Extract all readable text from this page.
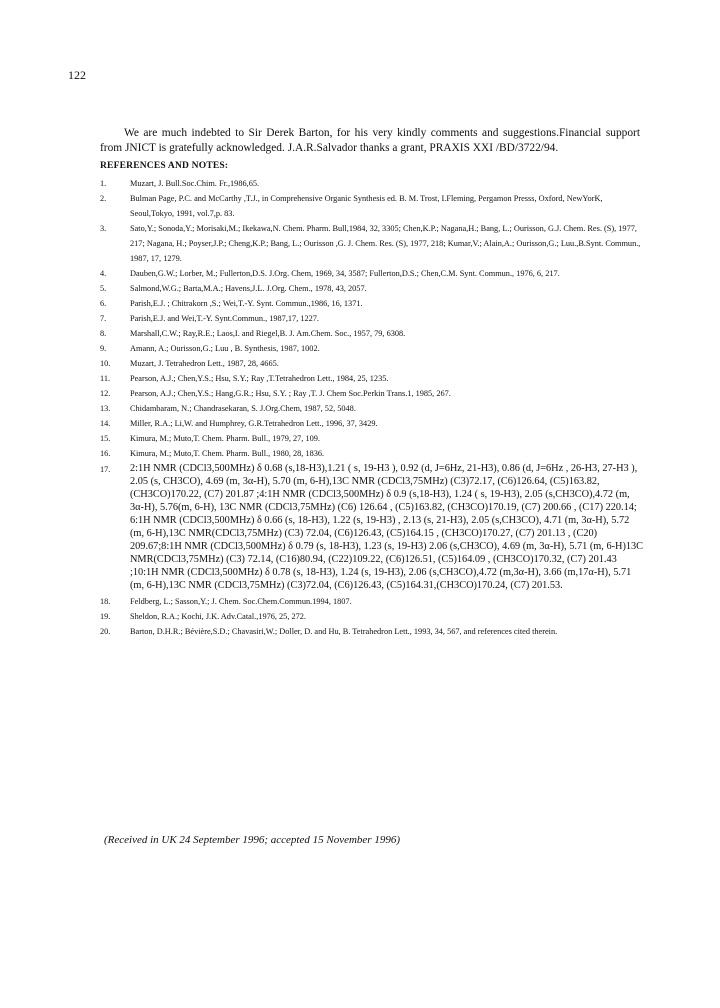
122
We are much indebted to Sir Derek Barton, for his very kindly comments and suggestions.Financial support from JNICT is gratefully acknowledged. J.A.R.Salvador thanks a grant, PRAXIS XXI /BD/3722/94.
REFERENCES AND NOTES:
1.	Muzart, J. Bull.Soc.Chim. Fr.,1986,65.
2.	Bulman Page, P.C. and McCarthy ,T.J., in Comprehensive Organic Synthesis ed. B. M. Trost, I.Fleming, Pergamon Presss, Oxford, NewYorK, Seoul,Tokyo, 1991, vol.7,p. 83.
3.	Sato,Y.; Sonoda,Y.; Morisaki,M.; Ikekawa,N. Chem. Pharm. Bull,1984, 32, 3305; Chen,K.P.; Nagana,H.; Bang, L.; Ourisson, G.J. Chem. Res. (S), 1977, 217; Nagana, H.; Poyser,J.P.; Cheng,K.P.; Bang, L.; Ourisson ,G. J. Chem. Res. (S), 1977, 218; Kumar,V.; Alain,A.; Ourisson,G.; Luu.,B.Synt. Commun., 1987, 17, 1279.
4.	Dauben,G.W.; Lorber, M.; Fullerton,D.S. J.Org. Chem, 1969, 34, 3587; Fullerton,D.S.; Chen,C.M. Synt. Commun., 1976, 6, 217.
5.	Salmond,W.G.; Barta,M.A.; Havens,J.L. J.Org. Chem., 1978, 43, 2057.
6.	Parish,E.J. ; Chitrakorn ,S.; Wei,T.-Y. Synt. Commun.,1986, 16, 1371.
7.	Parish,E.J. and Wei,T.-Y. Synt.Commun., 1987,17, 1227.
8.	Marshall,C.W.; Ray,R.E.; Laos,I. and Riegel,B. J. Am.Chem. Soc., 1957, 79, 6308.
9.	Amann, A.; Ourisson,G.; Luu , B. Synthesis, 1987, 1002.
10.	Muzart, J. Tetrahedron Lett., 1987, 28, 4665.
11.	Pearson, A.J.; Chen,Y.S.; Hsu, S.Y.; Ray ,T.Tetrahedron Lett., 1984, 25, 1235.
12.	Pearson, A.J.; Chen,Y.S.; Hang,G.R.; Hsu, S.Y. ; Ray ,T. J. Chem Soc.Perkin Trans.1, 1985, 267.
13.	Chidambaram, N.; Chandrasekaran, S. J.Org.Chem, 1987, 52, 5048.
14.	Miller, R.A.; Li,W. and Humphrey, G.R.Tetrahedron Lett., 1996, 37, 3429.
15.	Kimura, M.; Muto,T. Chem. Pharm. Bull., 1979, 27, 109.
16.	Kimura, M.; Muto,T. Chem. Pharm. Bull., 1980, 28, 1836.
17.	2:1H NMR (CDCl3,500MHz) δ 0.68 (s,18-H3),1.21 ( s, 19-H3 ), 0.92 (d, J=6Hz, 21-H3), 0.86 (d, J=6Hz , 26-H3, 27-H3 ), 2.05 (s, CH3CO), 4.69 (m, 3α-H), 5.70 (m, 6-H),13C NMR (CDCl3,75MHz) (C3)72.17, (C6)126.64, (C5)163.82, (CH3CO)170.22, (C7) 201.87 ;4:1H NMR (CDCl3,500MHz) δ 0.9 (s,18-H3), 1.24 ( s, 19-H3), 2.05 (s,CH3CO),4.72 (m, 3α-H), 5.76(m, 6-H), 13C NMR (CDCl3,75MHz) (C6) 126.64 , (C5)163.82, (CH3CO)170.19, (C7) 200.66 , (C17) 220.14; 6:1H NMR (CDCl3,500MHz) δ 0.66 (s, 18-H3), 1.22 (s, 19-H3) , 2.13 (s, 21-H3), 2.05 (s,CH3CO), 4.71 (m, 3α-H), 5.72 (m, 6-H),13C NMR(CDCl3,75MHz) (C3) 72.04, (C6)126.43, (C5)164.15 , (CH3CO)170.27, (C7) 201.13 , (C20) 209.67;8:1H NMR (CDCl3,500MHz) δ 0.79 (s, 18-H3), 1.23 (s, 19-H3) 2.06 (s,CH3CO), 4.69 (m, 3α-H), 5.71 (m, 6-H)13C NMR(CDCl3,75MHz) (C3) 72.14, (C16)80.94, (C22)109.22, (C6)126.51, (C5)164.09 , (CH3CO)170.32, (C7) 201.43 ;10:1H NMR (CDCl3,500MHz) δ 0.78 (s, 18-H3), 1.24 (s, 19-H3), 2.06 (s,CH3CO),4.72 (m,3α-H), 3.66 (m,17α-H), 5.71 (m, 6-H),13C NMR (CDCl3,75MHz) (C3)72.04, (C6)126.43, (C5)164.31,(CH3CO)170.24, (C7) 201.53.
18.	Feldberg, L.; Sasson,Y.; J. Chem. Soc.Chem.Commun.1994, 1807.
19.	Sheldon, R.A.; Kochi, J.K. Adv.Catal.,1976, 25, 272.
20.	Barton, D.H.R.; Bévière,S.D.; Chavasiri,W.; Doller, D. and Hu, B. Tetrahedron Lett., 1993, 34, 567, and references cited therein.
(Received in UK 24 September 1996; accepted 15 November 1996)
